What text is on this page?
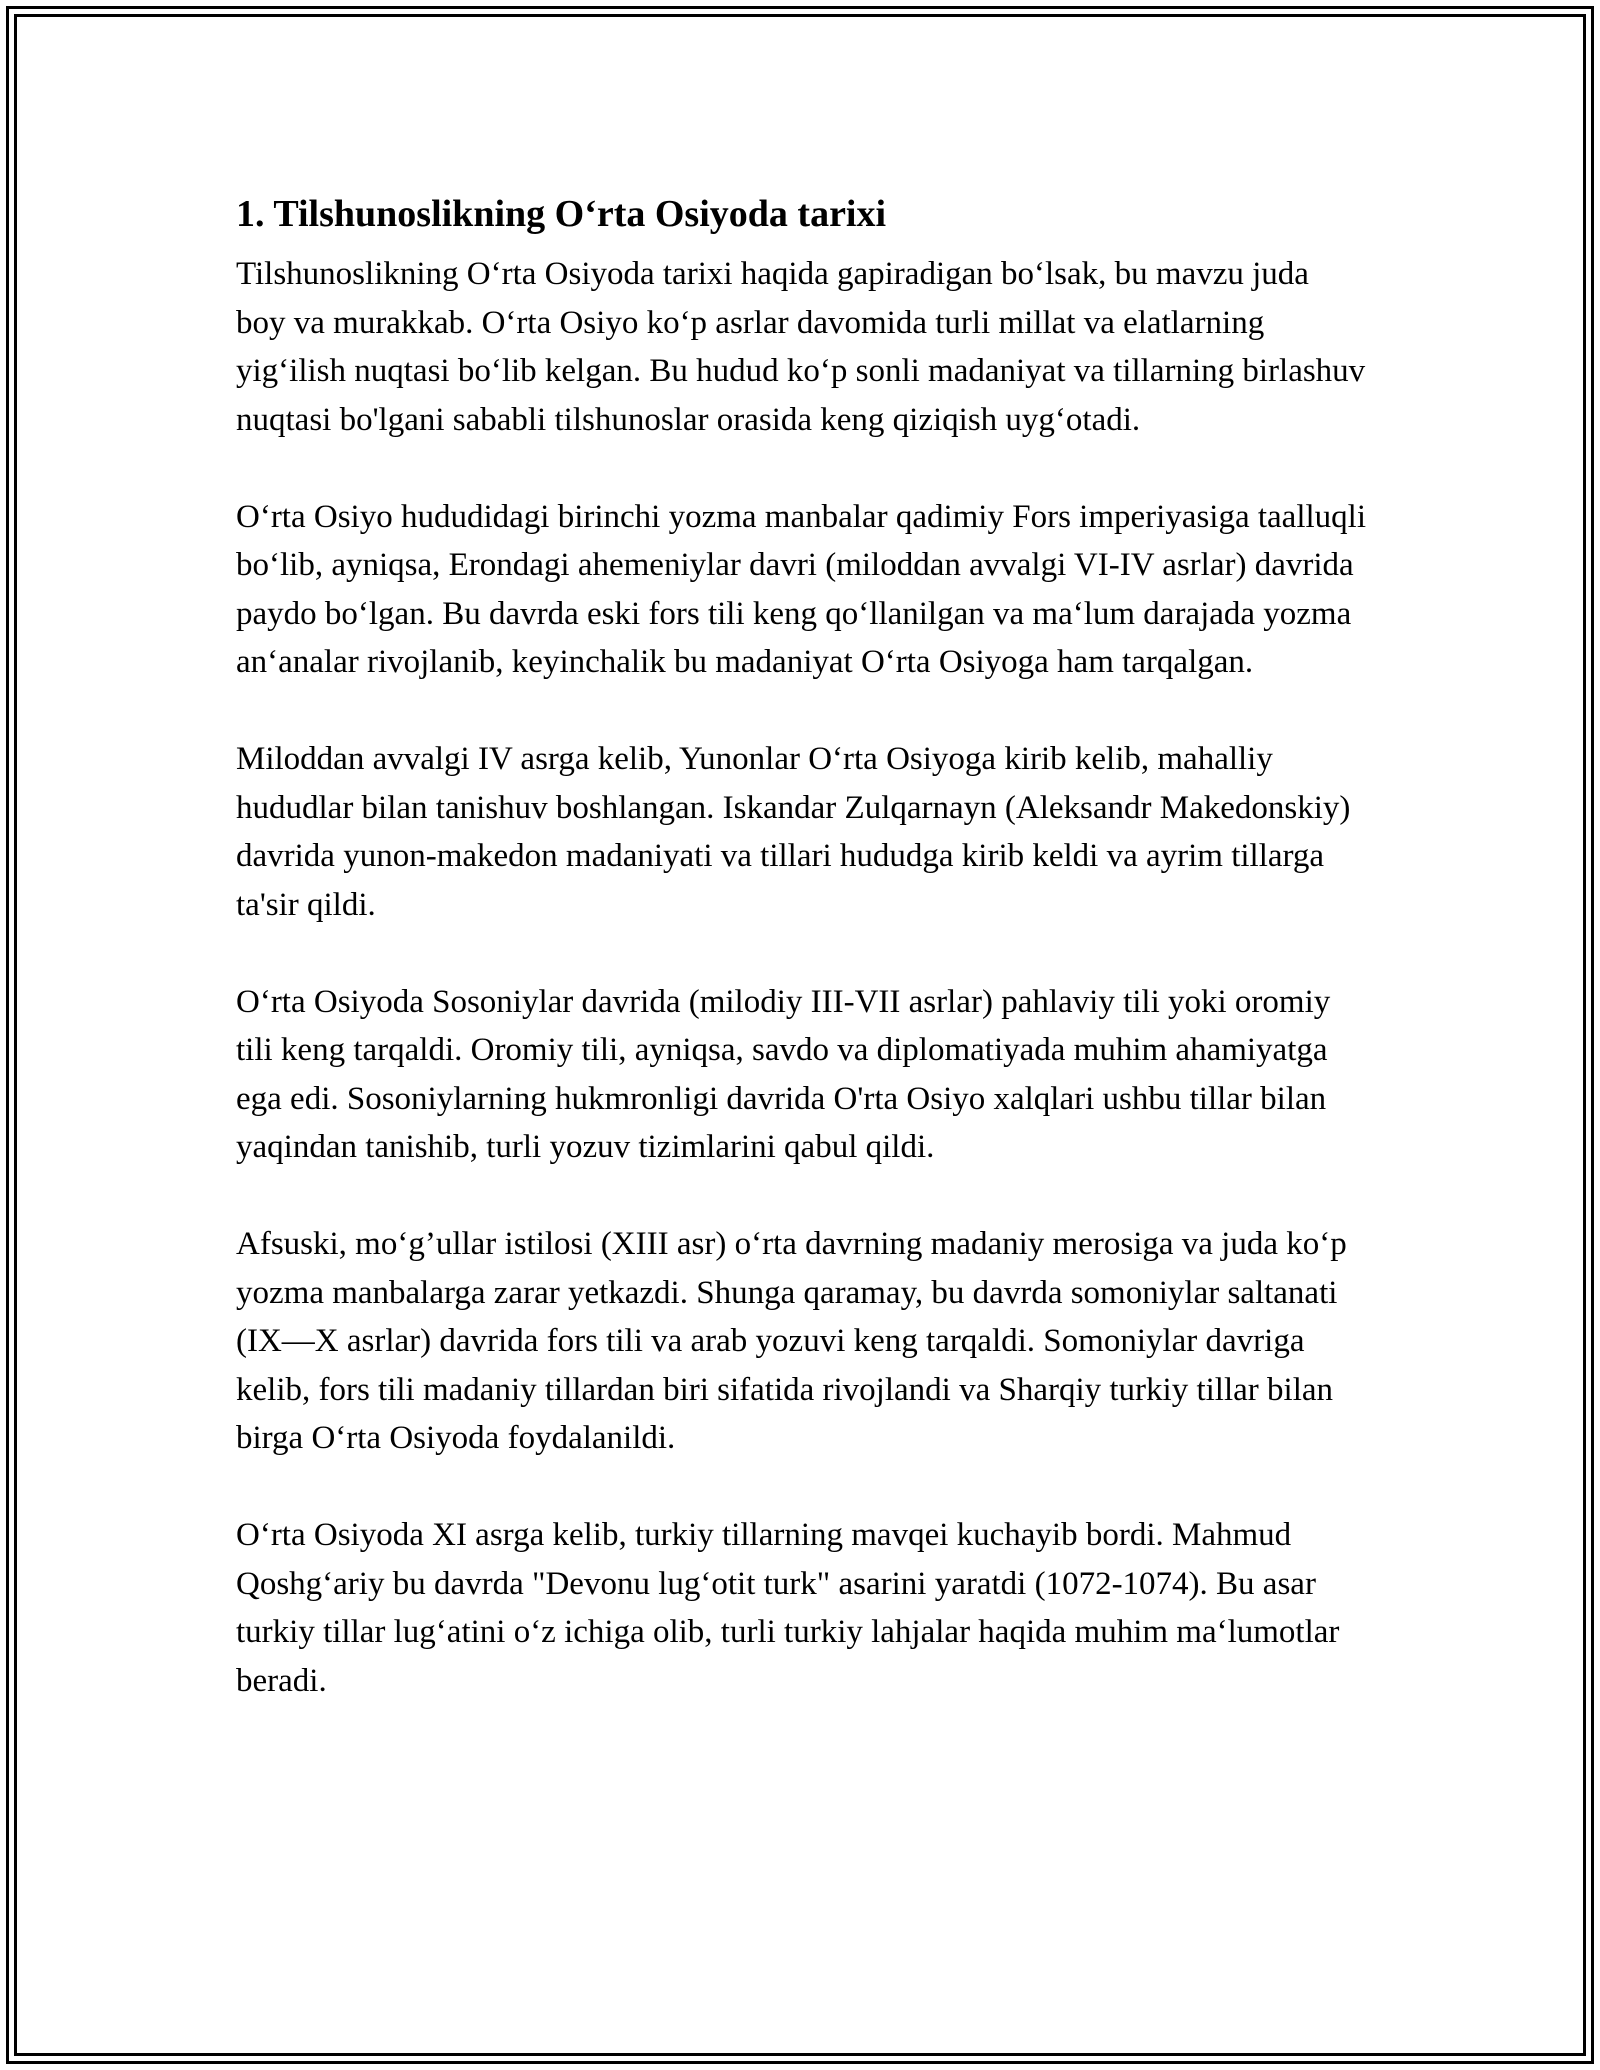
1. Tilshunoslikning O‘rta Osiyoda tarixi

Tilshunoslikning O‘rta Osiyoda tarixi haqida gapiradigan bo‘lsak, bu mavzu juda boy va murakkab. O‘rta Osiyo ko‘p asrlar davomida turli millat va elatlarning yig‘ilish nuqtasi bo‘lib kelgan. Bu hudud ko‘p sonli madaniyat va tillarning birlashuv nuqtasi bo'lgani sababli tilshunoslar orasida keng qiziqish uyg‘otadi.

O‘rta Osiyo hududidagi birinchi yozma manbalar qadimiy Fors imperiyasiga taalluqli bo‘lib, ayniqsa, Erondagi ahemeniylar davri (miloddan avvalgi VI-IV asrlar) davrida paydo bo‘lgan. Bu davrda eski fors tili keng qo‘llanilgan va ma‘lum darajada yozma an‘analar rivojlanib, keyinchalik bu madaniyat O‘rta Osiyoga ham tarqalgan.

Miloddan avvalgi IV asrga kelib, Yunonlar O‘rta Osiyoga kirib kelib, mahalliy hududlar bilan tanishuv boshlangan. Iskandar Zulqarnayn (Aleksandr Makedonskiy) davrida yunon-makedon madaniyati va tillari hududga kirib keldi va ayrim tillarga ta'sir qildi.

O‘rta Osiyoda Sosoniylar davrida (milodiy III-VII asrlar) pahlaviy tili yoki oromiy tili keng tarqaldi. Oromiy tili, ayniqsa, savdo va diplomatiyada muhim ahamiyatga ega edi. Sosoniylarning hukmronligi davrida O'rta Osiyo xalqlari ushbu tillar bilan yaqindan tanishib, turli yozuv tizimlarini qabul qildi.

Afsuski, mo‘g’ullar istilosi (XIII asr) o‘rta davrning madaniy merosiga va juda ko‘p yozma manbalarga zarar yetkazdi. Shunga qaramay, bu davrda somoniylar saltanati (IX—X asrlar) davrida fors tili va arab yozuvi keng tarqaldi. Somoniylar davriga kelib, fors tili madaniy tillardan biri sifatida rivojlandi va Sharqiy turkiy tillar bilan birga O‘rta Osiyoda foydalanildi.

O‘rta Osiyoda XI asrga kelib, turkiy tillarning mavqei kuchayib bordi. Mahmud Qoshg‘ariy bu davrda "Devonu lug‘otit turk" asarini yaratdi (1072-1074). Bu asar turkiy tillar lug‘atini o‘z ichiga olib, turli turkiy lahjalar haqida muhim ma‘lumotlar beradi.
